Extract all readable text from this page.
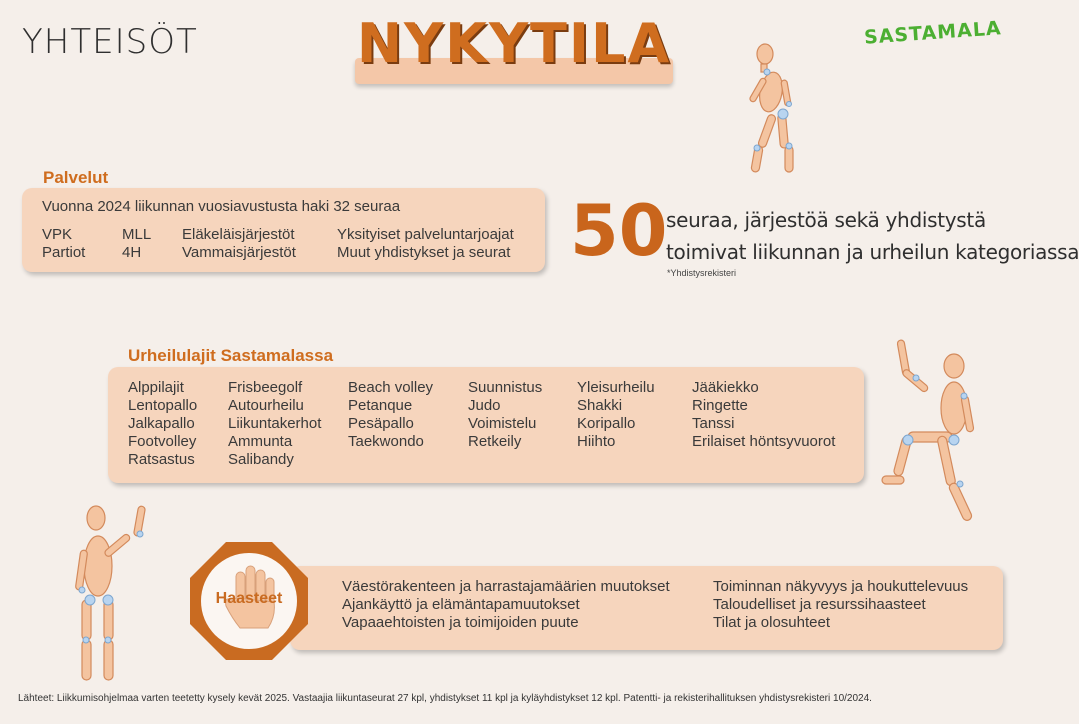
YHTEISÖT	NYKYTILA	SASTAMALA
Palvelut
Vuonna 2024 liikunnan vuosiavustusta haki 32 seuraa
VPK
Partiot
MLL
4H
Eläkeläisjärjestöt
Vammaisjärjestöt
Yksityiset palveluntarjoajat
Muut yhdistykset ja seurat 50
seuraa, järjestöä sekä yhdistystä
toimivat liikunnan ja urheilun kategoriassa
*Yhdistysrekisteri
Urheilulajit Sastamalassa
Alppilajit
Lentopallo
Jalkapallo
Footvolley
Ratsastus
Frisbeegolf
Autourheilu
Liikuntakerhot
Ammunta
Salibandy
Beach volley
Petanque
Pesäpallo
Taekwondo
Suunnistus
Judo
Voimistelu
Retkeily
Yleisurheilu
Shakki
Koripallo
Hiihto
Jääkiekko
Ringette
Tanssi
Erilaiset höntsyvuorot
Väestörakenteen ja harrastajamäärien muutokset
Ajankäyttö ja elämäntapamuutokset
Vapaaehtoisten ja toimijoiden puute
Toiminnan näkyvyys ja houkuttelevuus
Taloudelliset ja resurssihaasteet
Tilat ja olosuhteet
Haasteet
Lähteet: Liikkumisohjelmaa varten teetetty kysely kevät 2025. Vastaajia liikuntaseurat 27 kpl, yhdistykset 11 kpl ja kyläyhdistykset 12 kpl. Patentti- ja rekisterihallituksen yhdistysrekisteri 10/2024.
